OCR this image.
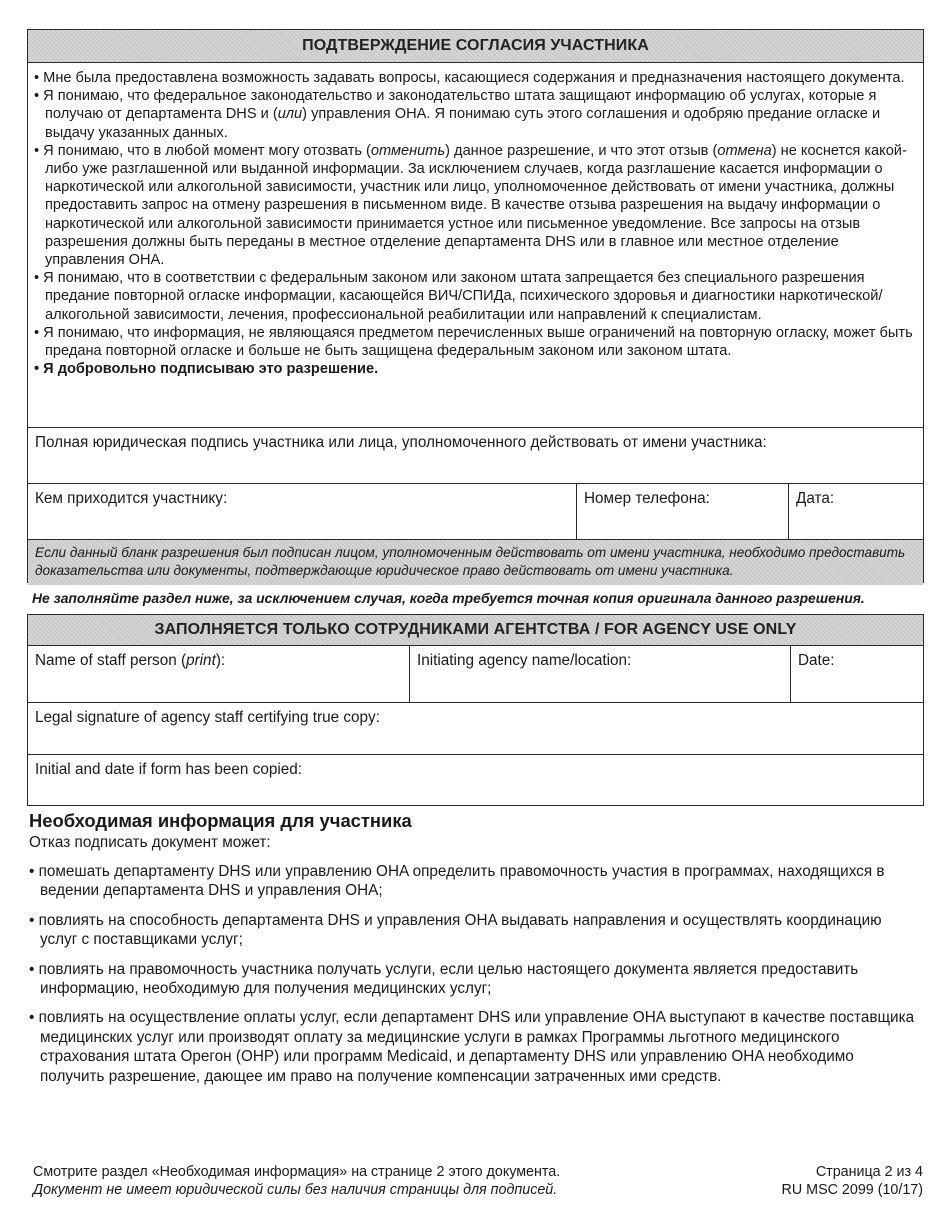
ПОДТВЕРЖДЕНИЕ СОГЛАСИЯ УЧАСТНИКА
• Мне была предоставлена возможность задавать вопросы, касающиеся содержания и предназначения настоящего документа.
• Я понимаю, что федеральное законодательство и законодательство штата защищают информацию об услугах, которые я получаю от департамента DHS и (или) управления OHA. Я понимаю суть этого соглашения и одобряю предание огласке и выдачу указанных данных.
• Я понимаю, что в любой момент могу отозвать (отменить) данное разрешение, и что этот отзыв (отмена) не коснется какой-либо уже разглашенной или выданной информации. За исключением случаев, когда разглашение касается информации о наркотической или алкогольной зависимости, участник или лицо, уполномоченное действовать от имени участника, должны предоставить запрос на отмену разрешения в письменном виде. В качестве отзыва разрешения на выдачу информации о наркотической или алкогольной зависимости принимается устное или письменное уведомление. Все запросы на отзыв разрешения должны быть переданы в местное отделение департамента DHS или в главное или местное отделение управления OHA.
• Я понимаю, что в соответствии с федеральным законом или законом штата запрещается без специального разрешения предание повторной огласке информации, касающейся ВИЧ/СПИДа, психического здоровья и диагностики наркотической/алкогольной зависимости, лечения, профессиональной реабилитации или направлений к специалистам.
• Я понимаю, что информация, не являющаяся предметом перечисленных выше ограничений на повторную огласку, может быть предана повторной огласке и больше не быть защищена федеральным законом или законом штата.
• Я добровольно подписываю это разрешение.
Полная юридическая подпись участника или лица, уполномоченного действовать от имени участника:
Кем приходится участнику:	Номер телефона:	Дата:
Если данный бланк разрешения был подписан лицом, уполномоченным действовать от имени участника, необходимо предоставить доказательства или документы, подтверждающие юридическое право действовать от имени участника.
Не заполняйте раздел ниже, за исключением случая, когда требуется точная копия оригинала данного разрешения.
ЗАПОЛНЯЕТСЯ ТОЛЬКО СОТРУДНИКАМИ АГЕНТСТВА / FOR AGENCY USE ONLY
Name of staff person (print):	Initiating agency name/location:	Date:
Legal signature of agency staff certifying true copy:
Initial and date if form has been copied:
Необходимая информация для участника
Отказ подписать документ может:
• помешать департаменту DHS или управлению OHA определить правомочность участия в программах, находящихся в ведении департамента DHS и управления OHA;
• повлиять на способность департамента DHS и управления OHA выдавать направления и осуществлять координацию услуг с поставщиками услуг;
• повлиять на правомочность участника получать услуги, если целью настоящего документа является предоставить информацию, необходимую для получения медицинских услуг;
• повлиять на осуществление оплаты услуг, если департамент DHS или управление OHA выступают в качестве поставщика медицинских услуг или производят оплату за медицинские услуги в рамках Программы льготного медицинского страхования штата Орегон (OHP) или программ Medicaid, и департаменту DHS или управлению OHA необходимо получить разрешение, дающее им право на получение компенсации затраченных ими средств.
Смотрите раздел «Необходимая информация» на странице 2 этого документа.
Документ не имеет юридической силы без наличия страницы для подписей.
Страница 2 из 4
RU MSC 2099 (10/17)
